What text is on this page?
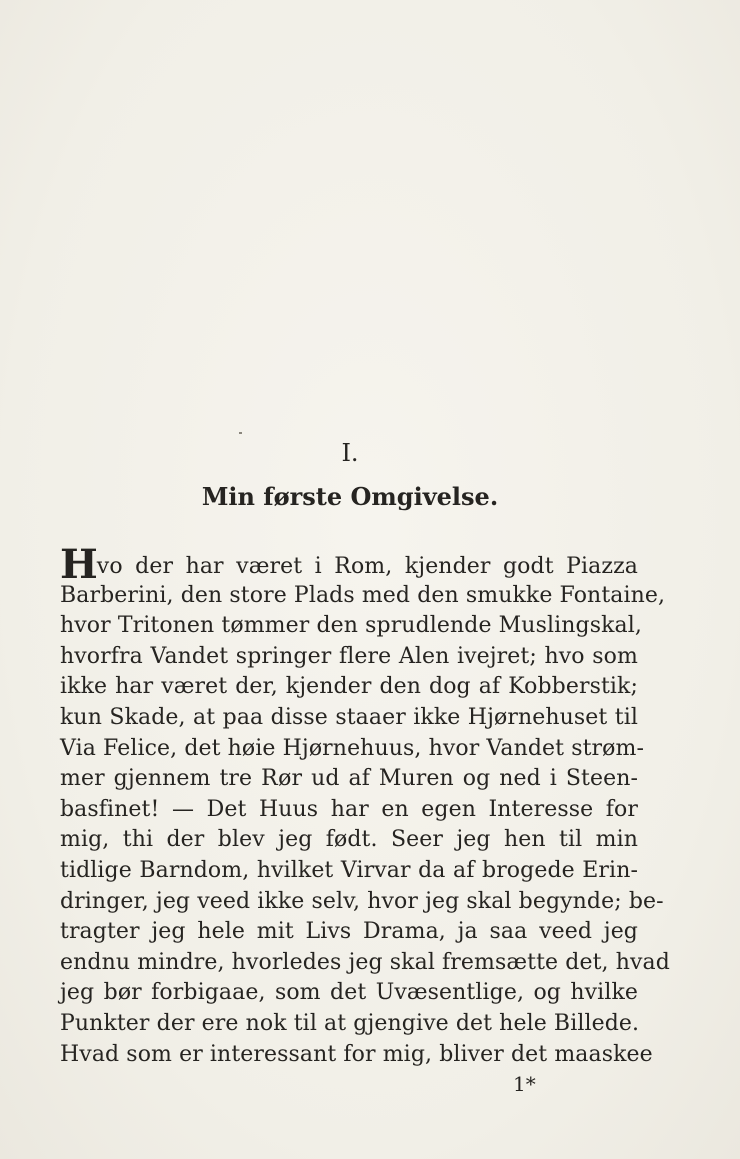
I.
Min første Omgivelse.
Hvo der har været i Rom, kjender godt Piazza
Barberini, den store Plads med den smukke Fontaine,
hvor Tritonen tømmer den sprudlende Muslingskal,
hvorfra Vandet springer flere Alen ivejret; hvo som
ikke har været der, kjender den dog af Kobberstik;
kun Skade, at paa disse staaer ikke Hjørnehuset til
Via Felice, det høie Hjørnehuus, hvor Vandet strøm-
mer gjennem tre Rør ud af Muren og ned i Steen-
basfinet! — Det Huus har en egen Interesse for
mig, thi der blev jeg født. Seer jeg hen til min
tidlige Barndom, hvilket Virvar da af brogede Erin-
dringer, jeg veed ikke selv, hvor jeg skal begynde; be-
tragter jeg hele mit Livs Drama, ja saa veed jeg
endnu mindre, hvorledes jeg skal fremsætte det, hvad
jeg bør forbigaae, som det Uvæsentlige, og hvilke
Punkter der ere nok til at gjengive det hele Billede.
Hvad som er interessant for mig, bliver det maaskee
1*
